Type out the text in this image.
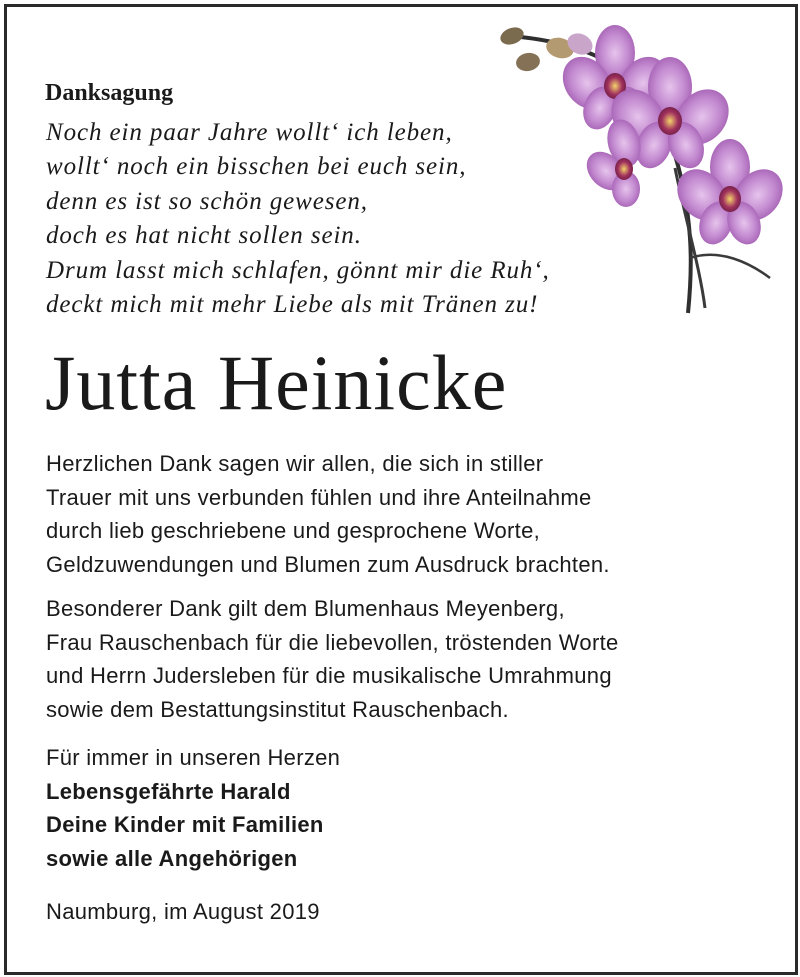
Danksagung
Noch ein paar Jahre wollt‘ ich leben,
wollt‘ noch ein bisschen bei euch sein,
denn es ist so schön gewesen,
doch es hat nicht sollen sein.
Drum lasst mich schlafen, gönnt mir die Ruh‘,
deckt mich mit mehr Liebe als mit Tränen zu!
Jutta Heinicke
Herzlichen Dank sagen wir allen, die sich in stiller
Trauer mit uns verbunden fühlen und ihre Anteilnahme
durch lieb geschriebene und gesprochene Worte,
Geldzuwendungen und Blumen zum Ausdruck brachten.
Besonderer Dank gilt dem Blumenhaus Meyenberg,
Frau Rauschenbach für die liebevollen, tröstenden Worte
und Herrn Judersleben für die musikalische Umrahmung
sowie dem Bestattungsinstitut Rauschenbach.
Für immer in unseren Herzen
Lebensgefährte Harald
Deine Kinder mit Familien
sowie alle Angehörigen
Naumburg, im August 2019
